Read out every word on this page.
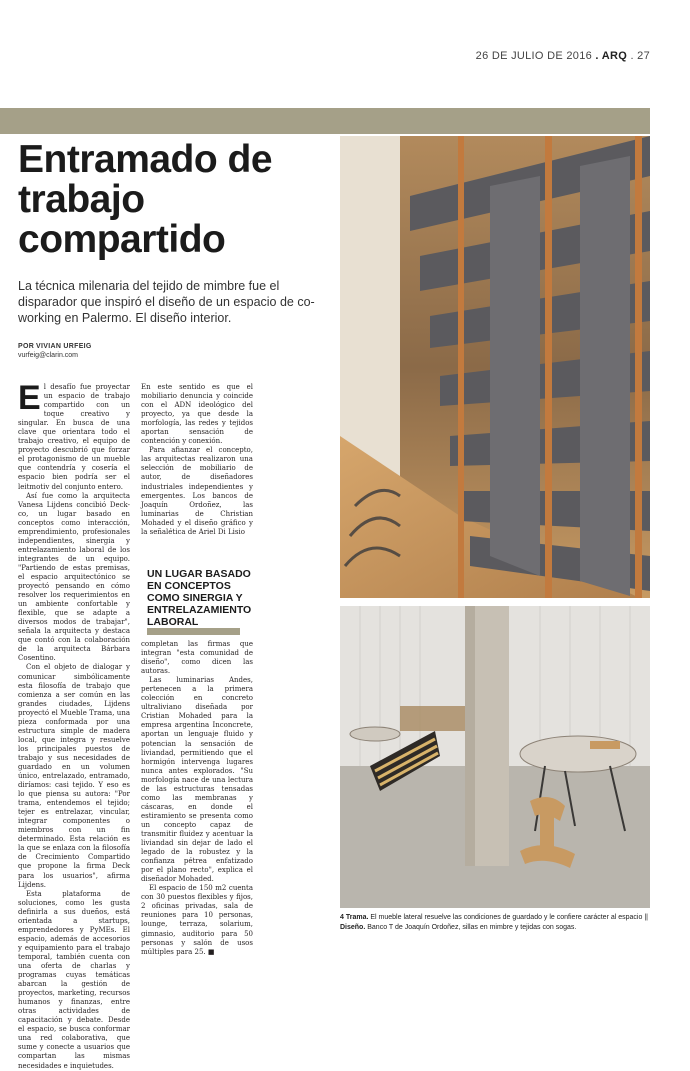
26 DE JULIO DE 2016 . ARQ . 27
Entramado de trabajo compartido
La técnica milenaria del tejido de mimbre fue el disparador que inspiró el diseño de un espacio de co-working en Palermo. El diseño interior.
POR VIVIAN URFEIG
vurfeig@clarin.com

El desafío fue proyectar un espacio de trabajo compartido con un toque creativo y singular. En busca de una clave que orientara todo el trabajo creativo, el equipo de proyecto descubrió que forzar el protagonismo de un mueble que contendría y cosería el espacio bien podría ser el leitmotiv del conjunto entero.

Así fue como la arquitecta Vanesa Lijdens concibió Deck-co, un lugar basado en conceptos como interacción, emprendimiento, profesionales independientes, sinergia y entrelazamiento laboral de los integrantes de un equipo. "Partiendo de estas premisas, el espacio arquitectónico se proyectó pensando en cómo resolver los requerimientos en un ambiente confortable y flexible, que se adapte a diversos modos de trabajar", señala la arquitecta y destaca que contó con la colaboración de la arquitecta Bárbara Cosentino.

Con el objeto de dialogar y comunicar simbólicamente esta filosofía de trabajo que comienza a ser común en las grandes ciudades, Lijdens proyectó el Mueble Trama, una pieza conformada por una estructura simple de madera local, que integra y resuelve los principales puestos de trabajo y sus necesidades de guardado en un volumen único, entrelazado, entramado, diríamos: casi tejido. Y eso es lo que piensa su autora: "Por trama, entendemos el tejido; tejer es entrelazar, vincular, integrar componentes o miembros con un fin determinado. Esta relación es la que se enlaza con la filosofía de Crecimiento Compartido que propone la firma Deck para los usuarios", afirma Lijdens.

Esta plataforma de soluciones, como les gusta definirla a sus dueños, está orientada a startups, emprendedores y PyMEs. El espacio, además de accesorios y equipamiento para el trabajo temporal, también cuenta con una oferta de charlas y programas cuyas temáticas abarcan la gestión de proyectos, marketing, recursos humanos y finanzas, entre otras actividades de capacitación y debate. Desde el espacio, se busca conformar una red colaborativa, que sume y conecte a usuarios que compartan las mismas necesidades e inquietudes.

En este sentido es que el mobiliario denuncia y coincide con el ADN ideológico del proyecto, ya que desde la morfología, las redes y tejidos aportan sensación de contención y conexión.

Para afianzar el concepto, las arquitectas realizaron una selección de mobiliario de autor, de diseñadores industriales independientes y emergentes. Los bancos de Joaquín Ordoñez, las luminarias de Christian Mohaded y el diseño gráfico y la señalética de Ariel Di Lisio

UN LUGAR BASADO EN CONCEPTOS COMO SINERGIA Y ENTRELAZAMIENTO LABORAL

completan las firmas que integran "esta comunidad de diseño", como dicen las autoras.

Las luminarias Andes, pertenecen a la primera colección en concreto ultraliviano diseñada por Cristian Mohaded para la empresa argentina Inconcrete, aportan un lenguaje fluido y potencian la sensación de liviandad, permitiendo que el hormigón intervenga lugares nunca antes explorados. "Su morfología nace de una lectura de las estructuras tensadas como las membranas y cáscaras, en donde el estiramiento se presenta como un concepto capaz de transmitir fluidez y acentuar la liviandad sin dejar de lado el legado de la robustez y la confianza pétrea enfatizado por el plano recto", explica el diseñador Mohaded.

El espacio de 150 m2 cuenta con 30 puestos flexibles y fijos, 2 oficinas privadas, sala de reuniones para 10 personas, lounge, terraza, solarium, gimnasio, auditorio para 50 personas y salón de usos múltiples para 25. ■

4 Trama. El mueble lateral resuelve las condiciones de guardado y le confiere carácter al espacio || Diseño. Banco T de Joaquín Ordoñez, sillas en mimbre y tejidas con sogas.
